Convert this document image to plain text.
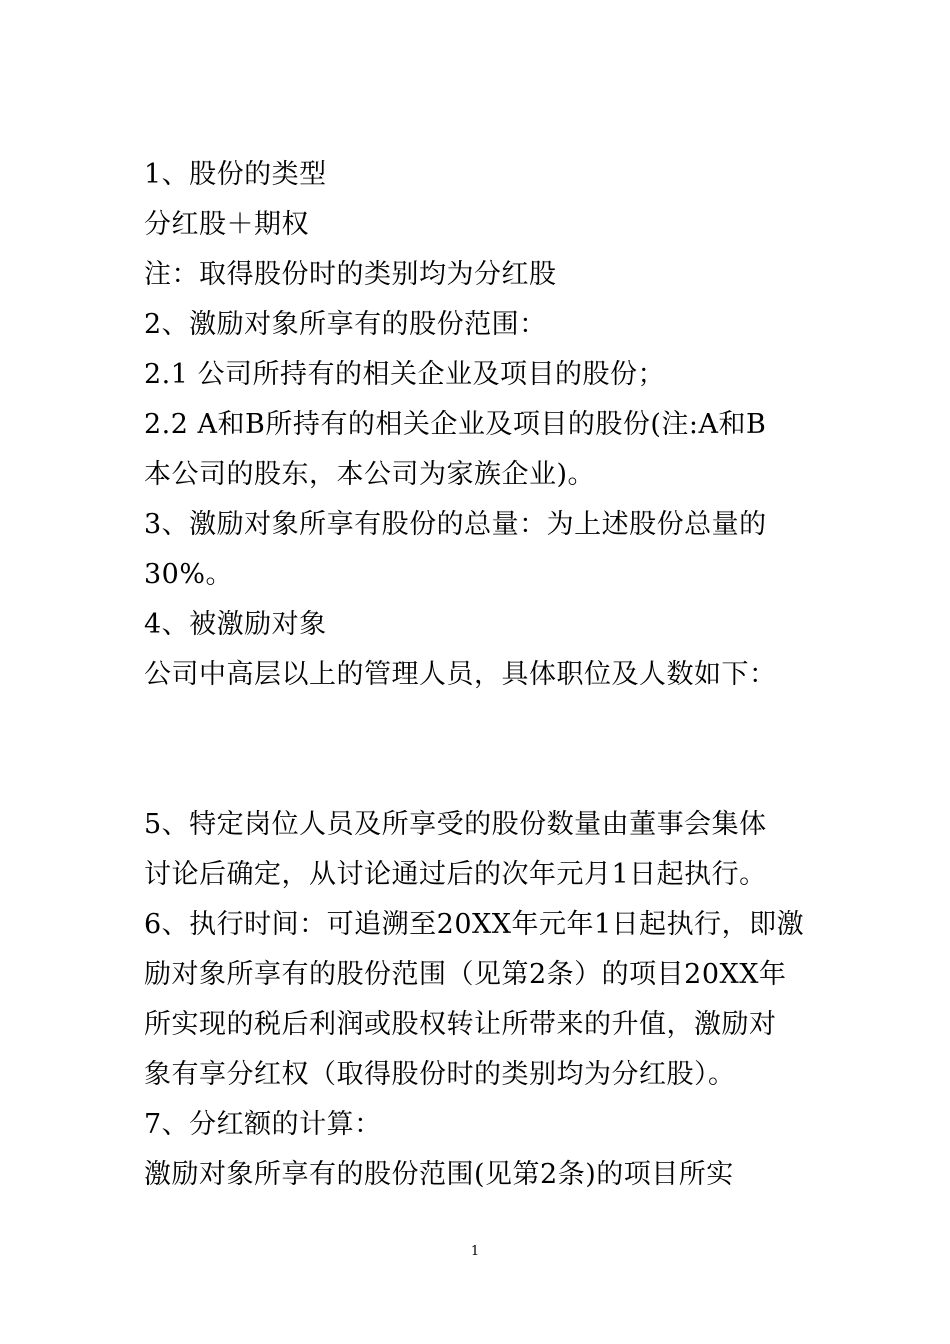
1、股份的类型
分红股＋期权
注：取得股份时的类别均为分红股
2、激励对象所享有的股份范围：
2.1 公司所持有的相关企业及项目的股份；
2.2 A和B所持有的相关企业及项目的股份(注:A和B
本公司的股东，本公司为家族企业)。
3、激励对象所享有股份的总量：为上述股份总量的
30%。
4、被激励对象
公司中高层以上的管理人员，具体职位及人数如下：
5、特定岗位人员及所享受的股份数量由董事会集体
讨论后确定，从讨论通过后的次年元月1日起执行。
6、执行时间：可追溯至20XX年元年1日起执行，即激
励对象所享有的股份范围（见第2条）的项目20XX年
所实现的税后利润或股权转让所带来的升值，激励对
象有享分红权（取得股份时的类别均为分红股）。
7、分红额的计算：
激励对象所享有的股份范围(见第2条)的项目所实
1
